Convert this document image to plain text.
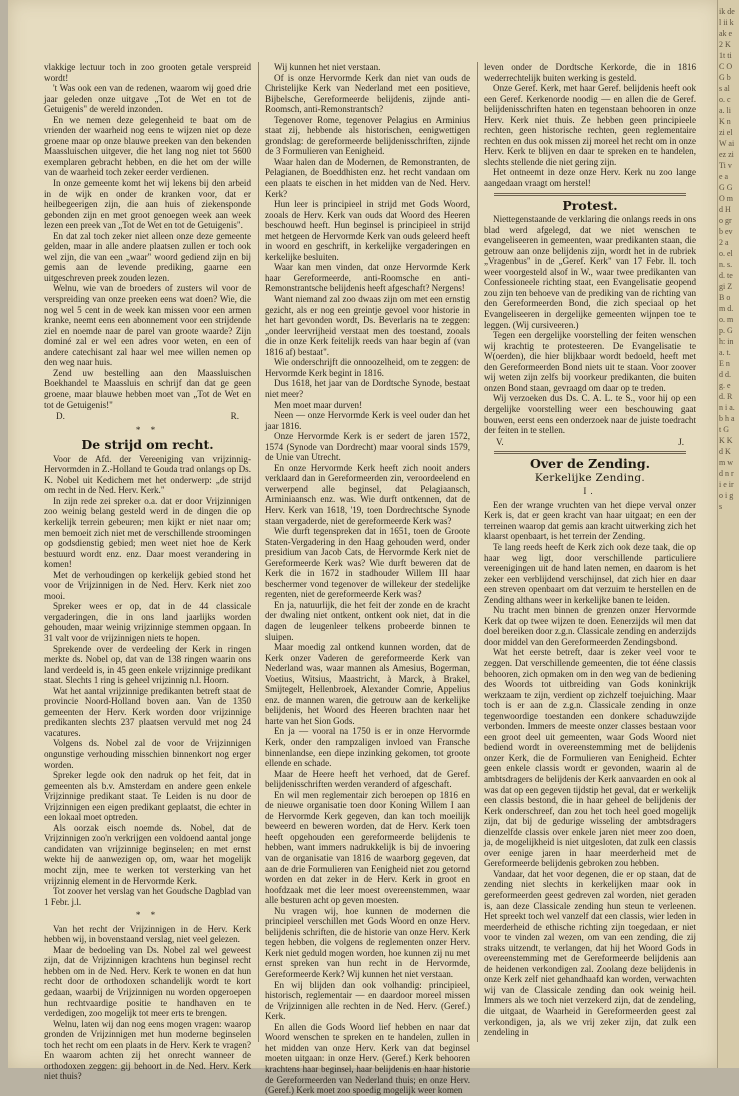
ik de l ii k ak e 2 K 1t ti C O G b s al o. c a. li K n zi el W ai ez zi Ti ve a G G O m d H o gr b ev 2 a o. el n. s. d. te gi Z B o m d. o. m p. G h: in a. t. E n d d. g. e d. R n i a. b h a t G K K d K m w d n ri e ir o i g s

vlakkige lectuur toch in zoo grooten getale verspreid wordt!

't Was ook een van de redenen, waarom wij goed drie jaar geleden onze uitgave „Tot de Wet en tot de Getuigenis" de wereld inzonden.

En we nemen deze gelegenheid te baat om de vrienden der waarheid nog eens te wijzen niet op deze groene maar op onze blauwe preeken van den bekenden Maassluischen uitgever, die het lang nog niet tot 5600 exemplaren gebracht hebben, en die het om der wille van de waarheid toch zeker eerder verdienen.

In onze gemeente komt het wij lekens bij den arbeid in de wijk en onder de kranken voor, dat er heilbegeerigen zijn, die aan huis of ziekensponde gebonden zijn en met groot genoegen week aan week lezen een preek van „Tot de Wet en tot de Getuigenis".

En dat zal toch zeker niet alleen onze deze gemeente gelden, maar in alle andere plaatsen zullen er toch ook wel zijn, die van een „waar" woord gediend zijn en bij gemis aan de levende prediking, gaarne een uitgeschreven preek zouden lezen.

Welnu, wie van de broeders of zusters wil voor de verspreiding van onze preeken eens wat doen? Wie, die nog wel 5 cent in de week kan missen voor een armen kranke, neemt eens een abonnement voor een strijdende ziel en noemde naar de parel van groote waarde? Zijn dominé zal er wel een adres voor weten, en een of andere catechisant zal haar wel mee willen nemen op den weg naar huis.

Zend uw bestelling aan den Maassluischen Boekhandel te Maassluis en schrijf dan dat ge geen groene, maar blauwe hebben moet van „Tot de Wet en tot de Getuigenis!"

D.	R.
* *
De strijd om recht.

Voor de Afd. der Vereeniging van vrijzinnig-Hervormden in Z.-Holland te Gouda trad onlangs op Ds. K. Nobel uit Kedichem met het onderwerp: „de strijd om recht in de Ned. Herv. Kerk."

In zijn rede zei spreker o.a. dat er door Vrijzinnigen zoo weinig belang gesteld werd in de dingen die op kerkelijk terrein gebeuren; men kijkt er niet naar om; men bemoeit zich niet met de verschillende stroomingen op godsdienstig gebied; men weet niet hoe de Kerk bestuurd wordt enz. enz. Daar moest verandering in komen!

Met de verhoudingen op kerkelijk gebied stond het voor de Vrijzinnigen in de Ned. Herv. Kerk niet zoo mooi.

Spreker wees er op, dat in de 44 classicale vergaderingen, die in ons land jaarlijks worden gehouden, maar weinig vrijzinnige stemmen opgaan. In 31 valt voor de vrijzinnigen niets te hopen.

Sprekende over de verdeeling der Kerk in ringen merkte ds. Nobel op, dat van de 138 ringen waarin ons land verdeeld is, in 45 geen enkele vrijzinnige predikant staat. Slechts 1 ring is geheel vrijzinnig n.l. Hoorn.

Wat het aantal vrijzinnige predikanten betreft staat de provincie Noord-Holland boven aan. Van de 1350 gemeenten der Herv. Kerk worden door vrijzinnige predikanten slechts 237 plaatsen vervuld met nog 24 vacatures.

Volgens ds. Nobel zal de voor de Vrijzinnigen ongunstige verhouding misschien binnenkort nog erger worden.

Spreker legde ook den nadruk op het feit, dat in gemeenten als b.v. Amsterdam en andere geen enkele Vrijzinnige predikant staat. Te Leiden is nu door de Vrijzinnigen een eigen predikant geplaatst, die echter in een lokaal moet optreden.

Als oorzak eisch noemde ds. Nobel, dat de Vrijzinnigen zoo'n verkrijgen een voldoend aantal jonge candidaten van vrijzinnige beginselen; en met ernst wekte hij de aanwezigen op, om, waar het mogelijk mocht zijn, mee te werken tot versterking van het vrijzinnig element in de Hervormde Kerk.

Tot zoover het verslag van het Goudsche Dagblad van 1 Febr. j.l.

* *

Van het recht der Vrijzinnigen in de Herv. Kerk hebben wij, in bovenstaand verslag, niet veel gelezen.

Maar de bedoeling van Ds. Nobel zal wel geweest zijn, dat de Vrijzinnigen krachtens hun beginsel recht hebben om in de Ned. Herv. Kerk te wonen en dat hun recht door de orthodoxen schandelijk wordt te kort gedaan, waarbij de Vrijzinnigen nu worden opgeroepen hun rechtvaardige positie te handhaven en te verdedigen, zoo mogelijk tot meer erts te brengen.

Welnu, laten wij dan nog eens mogen vragen: waarop gronden de Vrijzinnigen met hun moderne beginselen toch het recht om een plaats in de Herv. Kerk te vragen? En waarom achten zij het onrecht wanneer de orthodoxen zeggen: gij behoort in de Ned. Herv. Kerk niet thuis?

Wij kunnen het niet verstaan.

Of is onze Hervormde Kerk dan niet van ouds de Christelijke Kerk van Nederland met een positieve, Bijbelsche, Gereformeerde belijdenis, zijnde anti-Roomsch, anti-Remonstrantsch?

Tegenover Rome, tegenover Pelagius en Arminius staat zij, hebbende als historischen, eenigwettigen grondslag: de gereformeerde belijdenisschriften, zijnde de 3 Formulieren van Eenigheid.

Waar halen dan de Modernen, de Remonstranten, de Pelagianen, de Boeddhisten enz. het recht vandaan om een plaats te eischen in het midden van de Ned. Herv. Kerk?

Hun leer is principieel in strijd met Gods Woord, zooals de Herv. Kerk van ouds dat Woord des Heeren beschouwd heeft. Hun beginsel is principieel in strijd met hetgeen de Hervormde Kerk van ouds geleerd heeft in woord en geschrift, in kerkelijke vergaderingen en kerkelijke besluiten.

Waar kan men vinden, dat onze Hervormde Kerk haar Gereformeerde, anti-Roomsche en anti-Remonstrantsche belijdenis heeft afgeschaft? Nergens!

Want niemand zal zoo dwaas zijn om met een ernstig gezicht, als er nog een greintje gevoel voor historie in het hart gevonden wordt, Ds. Beverlaris na te zeggen: „onder leervrijheid verstaat men des toestand, zooals die in onze Kerk feitelijk reeds van haar begin af (van 1816 af) bestaat".

Wie onderschrijft die onnoozelheid, om te zeggen: de Hervormde Kerk begint in 1816.

Dus 1618, het jaar van de Dordtsche Synode, bestaat niet meer?

Men moet maar durven!

Neen — onze Hervormde Kerk is veel ouder dan het jaar 1816.

Onze Hervormde Kerk is er sedert de jaren 1572, 1574 (Synode van Dordrecht) maar vooral sinds 1579, de Unie van Utrecht.

En onze Hervormde Kerk heeft zich nooit anders verklaard dan in Gereformeerden zin, veroordeelend en verwerpend alle beginsel, dat Pelagiaansch, Arminiaansch enz. was. Wie durft ontkennen, dat de Herv. Kerk van 1618, '19, toen Dordrechtsche Synode staan vergaderde, niet de gereformeerde Kerk was?

Wie durft tegenspreken dat in 1651, toen de Groote Staten-Vergadering in den Haag gehouden werd, onder presidium van Jacob Cats, de Hervormde Kerk niet de Gereformeerde Kerk was? Wie durft beweren dat de Kerk die in 1672 in stadhouder Willem III haar beschermer vond tegenover de willekeur der stedelijke regenten, niet de gereformeerde Kerk was?

En ja, natuurlijk, die het feit der zonde en de kracht der dwaling niet ontkent, ontkent ook niet, dat in die dagen de leugenleer telkens probeerde binnen te sluipen.

Maar moedig zal ontkend kunnen worden, dat de Kerk onzer Vaderen de gereformeerde Kerk van Nederland was, waar mannen als Amesius, Bogerman, Voetius, Witsius, Maastricht, à Marck, à Brakel, Smijtegelt, Hellenbroek, Alexander Comrie, Appelius enz. de mannen waren, die getrouw aan de kerkelijke belijdenis, het Woord des Heeren brachten naar het harte van het Sion Gods.

En ja — vooral na 1750 is er in onze Hervormde Kerk, onder den rampzaligen invloed van Fransche binnenlandse, een diepe inzinking gekomen, tot groote ellende en schade.

Maar de Heere heeft het verhoed, dat de Geref. belijdenisschriften werden veranderd of afgeschaft.

En wil men reglementair zich beroepen op 1816 en de nieuwe organisatie toen door Koning Willem I aan de Hervormde Kerk gegeven, dan kan toch moeilijk beweerd en beweren worden, dat de Herv. Kerk toen heeft opgehouden een gereformeerde belijdenis te hebben, want immers nadrukkelijk is bij de invoering van de organisatie van 1816 de waarborg gegeven, dat aan de drie Formulieren van Eenigheid niet zou getornd worden en dat zeker in de Herv. Kerk in groot en hoofdzaak met die leer moest overeenstemmen, waar alle besturen acht op geven moesten.

Nu vragen wij, hoe kunnen de modernen die principieel verschillen met Gods Woord en onze Herv. belijdenis schriften, die de historie van onze Herv. Kerk tegen hebben, die volgens de reglementen onzer Herv. Kerk niet geduld mogen worden, hoe kunnen zij nu met ernst spreken van hun recht in de Hervormde, Gereformeerde Kerk? Wij kunnen het niet verstaan.

En wij blijden dan ook volhandig: principieel, historisch, reglementair — en daardoor moreel missen de Vrijzinnigen alle rechten in de Ned. Herv. (Geref.) Kerk.

En allen die Gods Woord lief hebben en naar dat Woord wenschen te spreken en te handelen, zullen in het midden van onze Herv. Kerk van dat beginsel moeten uitgaan: in onze Herv. (Geref.) Kerk behooren krachtens haar beginsel, haar belijdenis en haar historie de Gereformeerden van Nederland thuis; en onze Herv. (Geref.) Kerk moet zoo spoedig mogelijk weer komen

leven onder de Dordtsche Kerkorde, die in 1816 wederrechtelijk buiten werking is gesteld.

Onze Geref. Kerk, met haar Geref. belijdenis heeft ook een Geref. Kerkenorde noodig — en allen die de Geref. belijdenisschriften haten en tegenstaan behooren in onze Herv. Kerk niet thuis. Ze hebben geen principieele rechten, geen historische rechten, geen reglementaire rechten en dus ook missen zij moreel het recht om in onze Herv. Kerk te blijven en daar te spreken en te handelen, slechts stellende die niet gering zijn.

Het ontneemt in deze onze Herv. Kerk nu zoo lange aangedaan vraagt om herstel!

Protest.

Niettegenstaande de verklaring die onlangs reeds in ons blad werd afgelegd, dat we niet wenschen te evangeliseeren in gemeenten, waar predikanten staan, die getrouw aan onze belijdenis zijn, wordt het in de rubriek „Vragenbus" in de „Geref. Kerk" van 17 Febr. ll. toch weer voorgesteld alsof in W., waar twee predikanten van Confessioneele richting staat, een Evangelisatie geopend zou zijn ten behoeve van de prediking van de richting van den Gereformeerden Bond, die zich speciaal op het Evangeliseeren in dergelijke gemeenten wijnpen toe te leggen. (Wij cursiveeren.)

Tegen een dergelijke voorstelling der feiten wenschen wij krachtig te protesteeren. De Evangelisatie te W(oerden), die hier blijkbaar wordt bedoeld, heeft met den Gereformeerden Bond niets uit te staan. Voor zoover wij weten zijn zelfs bij voorkeur predikanten, die buiten onzen Bond staan, gevraagd om daar op te treden.

Wij verzoeken dus Ds. C. A. L. te S., voor hij op een dergelijke voorstelling weer een beschouwing gaat bouwen, eerst eens een onderzoek naar de juiste toedracht der feiten in te stellen.

V.	J.
Over de Zending.
Kerkelijke Zending.
I.

Een der wrange vruchten van het diepe verval onzer Kerk is, dat er geen kracht van haar uitgaat; en een der terreinen waarop dat gemis aan kracht uitwerking zich het klaarst openbaart, is het terrein der Zending.

Te lang reeds heeft de Kerk zich ook deze taak, die op haar weg ligt, door verschillende particuliere vereenigingen uit de hand laten nemen, en daarom is het zeker een verblijdend verschijnsel, dat zich hier en daar een streven openbaart om dat verzuim te herstellen en de Zending althans weer in kerkelijke banen te leiden.

Nu tracht men binnen de grenzen onzer Hervormde Kerk dat op twee wijzen te doen. Eenerzijds wil men dat doel bereiken door z.g.n. Classicale zending en anderzijds door middel van den Gereformeerden Zendingsbond.

Wat het eerste betreft, daar is zeker veel voor te zeggen. Dat verschillende gemeenten, die tot ééne classis behooren, zich opmaken om in den weg van de bediening des Woords tot uitbreiding van Gods koninkrijk werkzaam te zijn, verdient op zichzelf toejuiching. Maar toch is er aan de z.g.n. Classicale zending in onze tegenwoordige toestanden een donkere schaduwzijde verbonden. Immers de meeste onzer classes bestaan voor een groot deel uit gemeenten, waar Gods Woord niet bediend wordt in overeenstemming met de belijdenis onzer Kerk, die de Formulieren van Eenigheid. Echter geen enkele classis wordt er gevonden, waarin al de ambtsdragers de belijdenis der Kerk aanvaarden en ook al was dat op een gegeven tijdstip het geval, dat er werkelijk een classis bestond, die in haar geheel de belijdenis der Kerk onderschreef, dan zou het toch heel goed mogelijk zijn, dat bij de gedurige wisseling der ambtsdragers dienzelfde classis over enkele jaren niet meer zoo doen, ja, de mogelijkheid is niet uitgesloten, dat zulk een classis over eenige jaren in haar meerderheid met de Gereformeerde belijdenis gebroken zou hebben.

Vandaar, dat het voor degenen, die er op staan, dat de zending niet slechts in kerkelijken maar ook in gereformeerden geest gedreven zal worden, niet geraden is, aan deze Classicale zending hun steun te verleenen. Het spreekt toch wel vanzelf dat een classis, wier leden in meerderheid de ethische richting zijn toegedaan, er niet voor te vinden zal wezen, om van een zending, die zij straks uitzendt, te verlangen, dat hij het Woord Gods in overeenstemming met de Gereformeerde belijdenis aan de heidenen verkondigen zal. Zoolang deze belijdenis in onze Kerk zelf niet gehandhaafd kan worden, verwachten wij van de Classicale zending dan ook weinig heil. Immers als we toch niet verzekerd zijn, dat de zendeling, die uitgaat, de Waarheid in Gereformeerden geest zal verkondigen, ja, als we vrij zeker zijn, dat zulk een zendeling in
